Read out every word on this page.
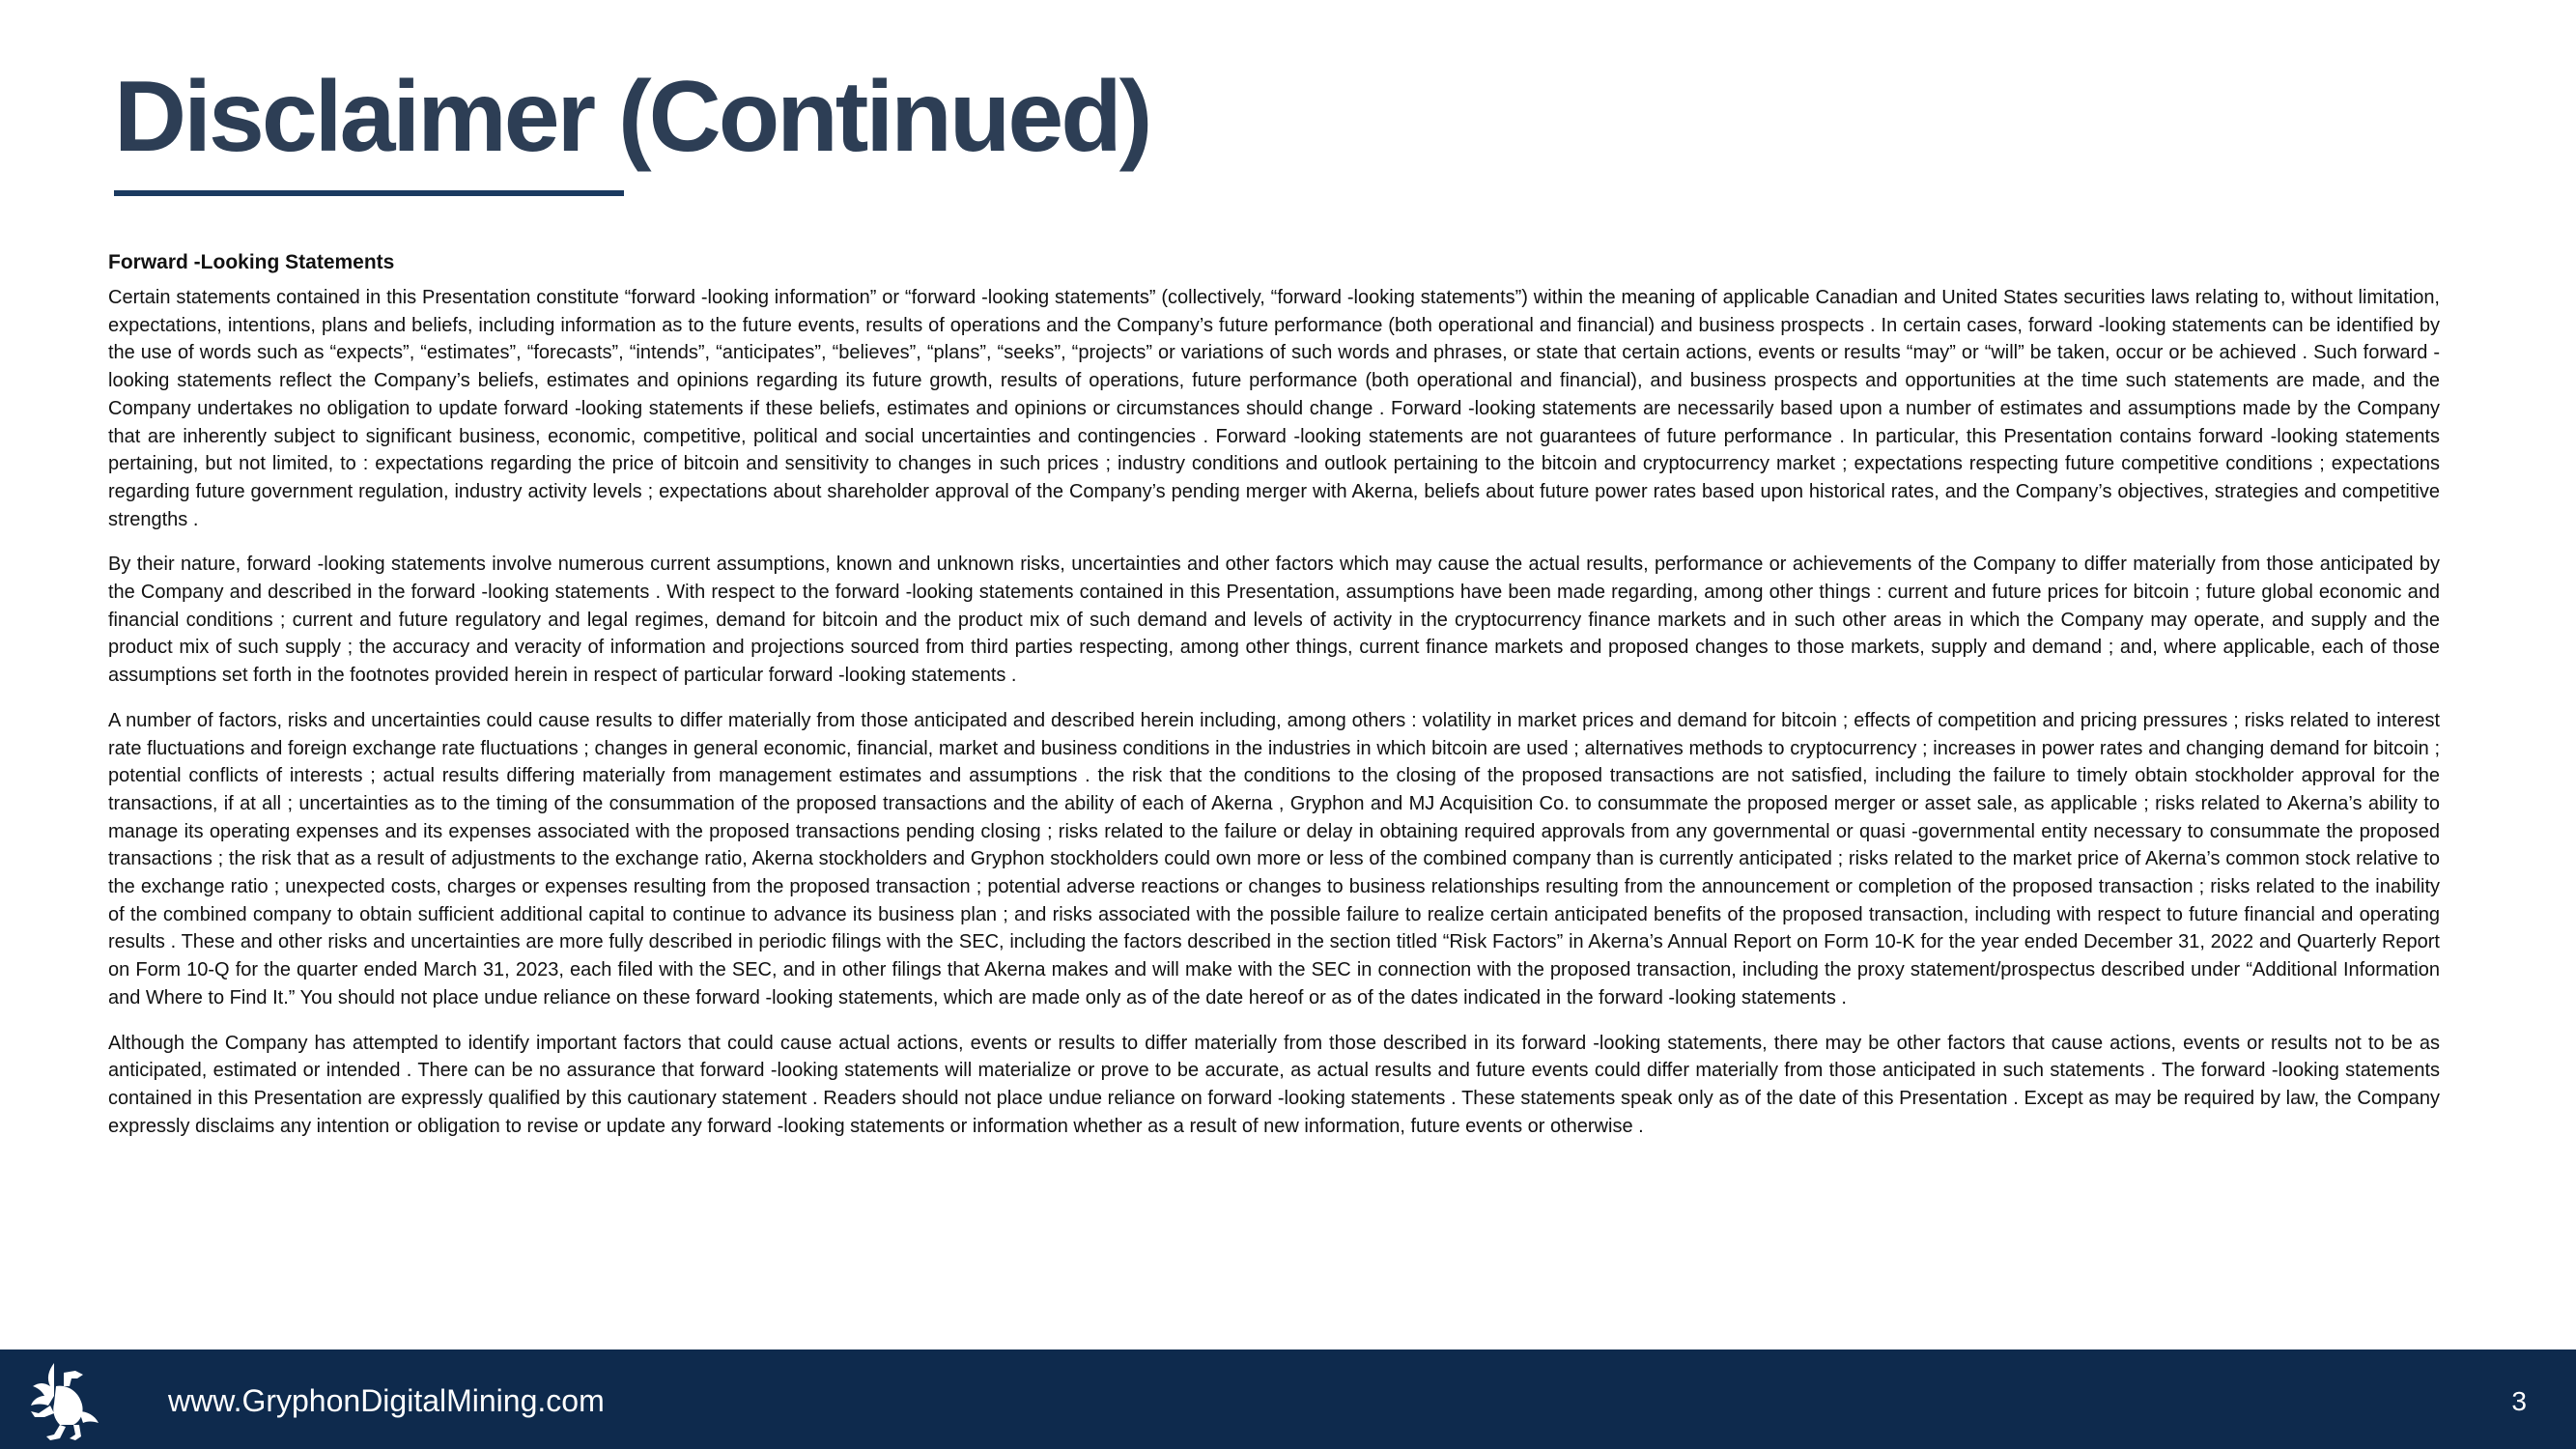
Disclaimer (Continued)
Forward -Looking Statements

Certain statements contained in this Presentation constitute “forward -looking information” or “forward -looking statements” (collectively, “forward -looking statements”) within the meaning of applicable Canadian and United States securities laws relating to, without limitation, expectations, intentions, plans and beliefs, including information as to the future events, results of operations and the Company’s future performance (both operational and financial) and business prospects . In certain cases, forward -looking statements can be identified by the use of words such as “expects”, “estimates”, “forecasts”, “intends”, “anticipates”, “believes”, “plans”, “seeks”, “projects” or variations of such words and phrases, or state that certain actions, events or results “may” or “will” be taken, occur or be achieved . Such forward -looking statements reflect the Company’s beliefs, estimates and opinions regarding its future growth, results of operations, future performance (both operational and financial), and business prospects and opportunities at the time such statements are made, and the Company undertakes no obligation to update forward -looking statements if these beliefs, estimates and opinions or circumstances should change . Forward -looking statements are necessarily based upon a number of estimates and assumptions made by the Company that are inherently subject to significant business, economic, competitive, political and social uncertainties and contingencies . Forward -looking statements are not guarantees of future performance . In particular, this Presentation contains forward -looking statements pertaining, but not limited, to : expectations regarding the price of bitcoin and sensitivity to changes in such prices ; industry conditions and outlook pertaining to the bitcoin and cryptocurrency market ; expectations respecting future competitive conditions ; expectations regarding future government regulation, industry activity levels ; expectations about shareholder approval of the Company’s pending merger with Akerna, beliefs about future power rates based upon historical rates, and the Company’s objectives, strategies and competitive strengths .

By their nature, forward -looking statements involve numerous current assumptions, known and unknown risks, uncertainties and other factors which may cause the actual results, performance or achievements of the Company to differ materially from those anticipated by the Company and described in the forward -looking statements . With respect to the forward -looking statements contained in this Presentation, assumptions have been made regarding, among other things : current and future prices for bitcoin ; future global economic and financial conditions ; current and future regulatory and legal regimes, demand for bitcoin and the product mix of such demand and levels of activity in the cryptocurrency finance markets and in such other areas in which the Company may operate, and supply and the product mix of such supply ; the accuracy and veracity of information and projections sourced from third parties respecting, among other things, current finance markets and proposed changes to those markets, supply and demand ; and, where applicable, each of those assumptions set forth in the footnotes provided herein in respect of particular forward -looking statements .

A number of factors, risks and uncertainties could cause results to differ materially from those anticipated and described herein including, among others : volatility in market prices and demand for bitcoin ; effects of competition and pricing pressures ; risks related to interest rate fluctuations and foreign exchange rate fluctuations ; changes in general economic, financial, market and business conditions in the industries in which bitcoin are used ; alternatives methods to cryptocurrency ; increases in power rates and changing demand for bitcoin ; potential conflicts of interests ; actual results differing materially from management estimates and assumptions . the risk that the conditions to the closing of the proposed transactions are not satisfied, including the failure to timely obtain stockholder approval for the transactions, if at all ; uncertainties as to the timing of the consummation of the proposed transactions and the ability of each of Akerna , Gryphon and MJ Acquisition Co. to consummate the proposed merger or asset sale, as applicable ; risks related to Akerna’s ability to manage its operating expenses and its expenses associated with the proposed transactions pending closing ; risks related to the failure or delay in obtaining required approvals from any governmental or quasi -governmental entity necessary to consummate the proposed transactions ; the risk that as a result of adjustments to the exchange ratio, Akerna stockholders and Gryphon stockholders could own more or less of the combined company than is currently anticipated ; risks related to the market price of Akerna’s common stock relative to the exchange ratio ; unexpected costs, charges or expenses resulting from the proposed transaction ; potential adverse reactions or changes to business relationships resulting from the announcement or completion of the proposed transaction ; risks related to the inability of the combined company to obtain sufficient additional capital to continue to advance its business plan ; and risks associated with the possible failure to realize certain anticipated benefits of the proposed transaction, including with respect to future financial and operating results . These and other risks and uncertainties are more fully described in periodic filings with the SEC, including the factors described in the section titled “Risk Factors” in Akerna’s Annual Report on Form 10-K for the year ended December 31, 2022 and Quarterly Report on Form 10-Q for the quarter ended March 31, 2023, each filed with the SEC, and in other filings that Akerna makes and will make with the SEC in connection with the proposed transaction, including the proxy statement/prospectus described under “Additional Information and Where to Find It.” You should not place undue reliance on these forward -looking statements, which are made only as of the date hereof or as of the dates indicated in the forward -looking statements .

Although the Company has attempted to identify important factors that could cause actual actions, events or results to differ materially from those described in its forward -looking statements, there may be other factors that cause actions, events or results not to be as anticipated, estimated or intended . There can be no assurance that forward -looking statements will materialize or prove to be accurate, as actual results and future events could differ materially from those anticipated in such statements . The forward -looking statements contained in this Presentation are expressly qualified by this cautionary statement . Readers should not place undue reliance on forward -looking statements . These statements speak only as of the date of this Presentation . Except as may be required by law, the Company expressly disclaims any intention or obligation to revise or update any forward -looking statements or information whether as a result of new information, future events or otherwise .

www.GryphonDigitalMining.com	3
